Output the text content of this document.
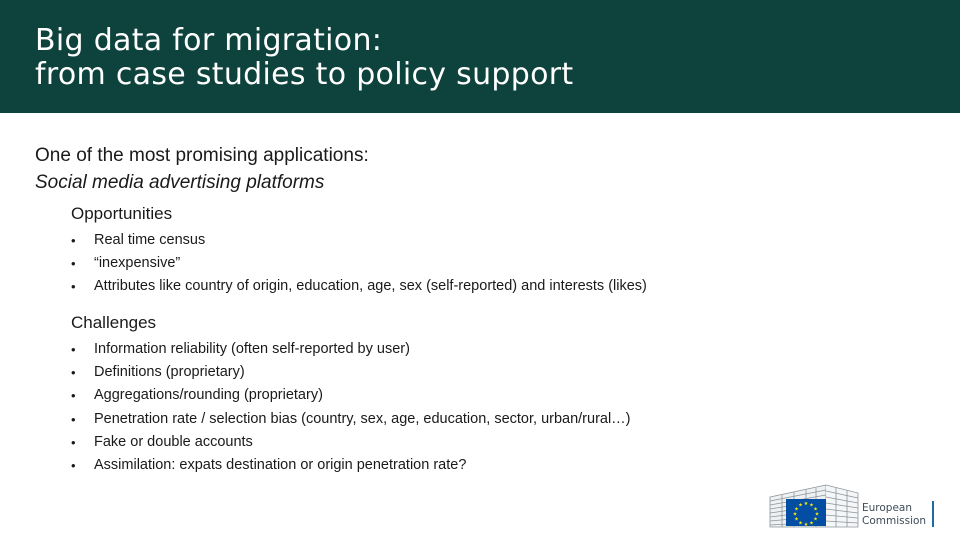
Big data for migration:
from case studies to policy support
One of the most promising applications:
Social media advertising platforms
Opportunities
• Real time census
• “inexpensive”
• Attributes like country of origin, education, age, sex (self-reported) and interests (likes)
Challenges
• Information reliability (often self-reported by user)
• Definitions (proprietary)
• Aggregations/rounding (proprietary)
• Penetration rate / selection bias (country, sex, age, education, sector, urban/rural…)
• Fake or double accounts
• Assimilation: expats destination or origin penetration rate?
★ ★
★
★
★
★
★
★
★
★
★
★	European
Commission
